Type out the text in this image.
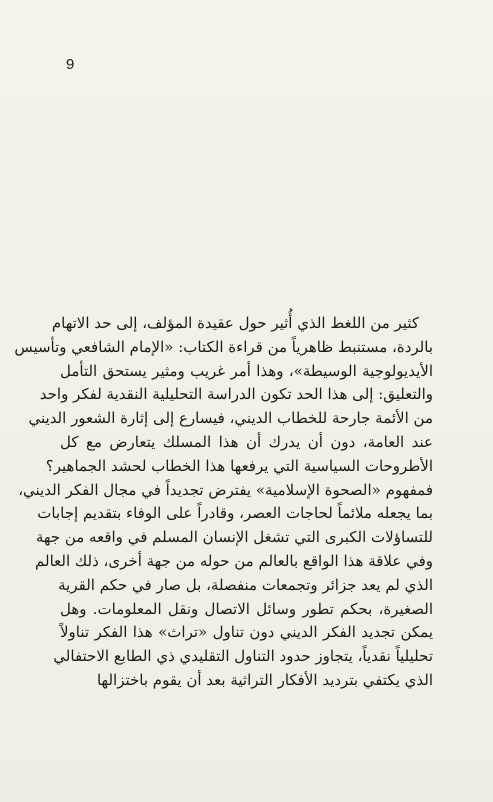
9
كثير من اللغط الذي أُثير حول عقيدة المؤلف، إلى حد الاتهام
بالردة، مستنبط ظاهرياً من قراءة الكتاب: «الإمام الشافعي وتأسيس
الأيديولوجية الوسيطة»، وهذا أمر غريب ومثير يستحق التأمل
والتعليق: إلى هذا الحد تكون الدراسة التحليلية النقدية لفكر واحد
من الأئمة جارحة للخطاب الديني، فيسارع إلى إثارة الشعور الديني
عند العامة، دون أن يدرك أن هذا المسلك يتعارض مع كل
الأطروحات السياسية التي يرفعها هذا الخطاب لحشد الجماهير؟
فمفهوم «الصحوة الإسلامية» يفترض تجديداً في مجال الفكر الديني،
بما يجعله ملائماً لحاجات العصر، وقادراً على الوفاء بتقديم إجابات
للتساؤلات الكبرى التي تشغل الإنسان المسلم في واقعه من جهة
وفي علاقة هذا الواقع بالعالم من حوله من جهة أخرى، ذلك العالم
الذي لم يعد جزائر وتجمعات منفصلة، بل صار في حكم القرية
الصغيرة، بحكم تطور وسائل الاتصال ونقل المعلومات. وهل
يمكن تجديد الفكر الديني دون تناول «تراث» هذا الفكر تناولاً
تحليلياً نقدياً، يتجاوز حدود التناول التقليدي ذي الطابع الاحتفالي
الذي يكتفي بترديد الأفكار التراثية بعد أن يقوم باختزالها
